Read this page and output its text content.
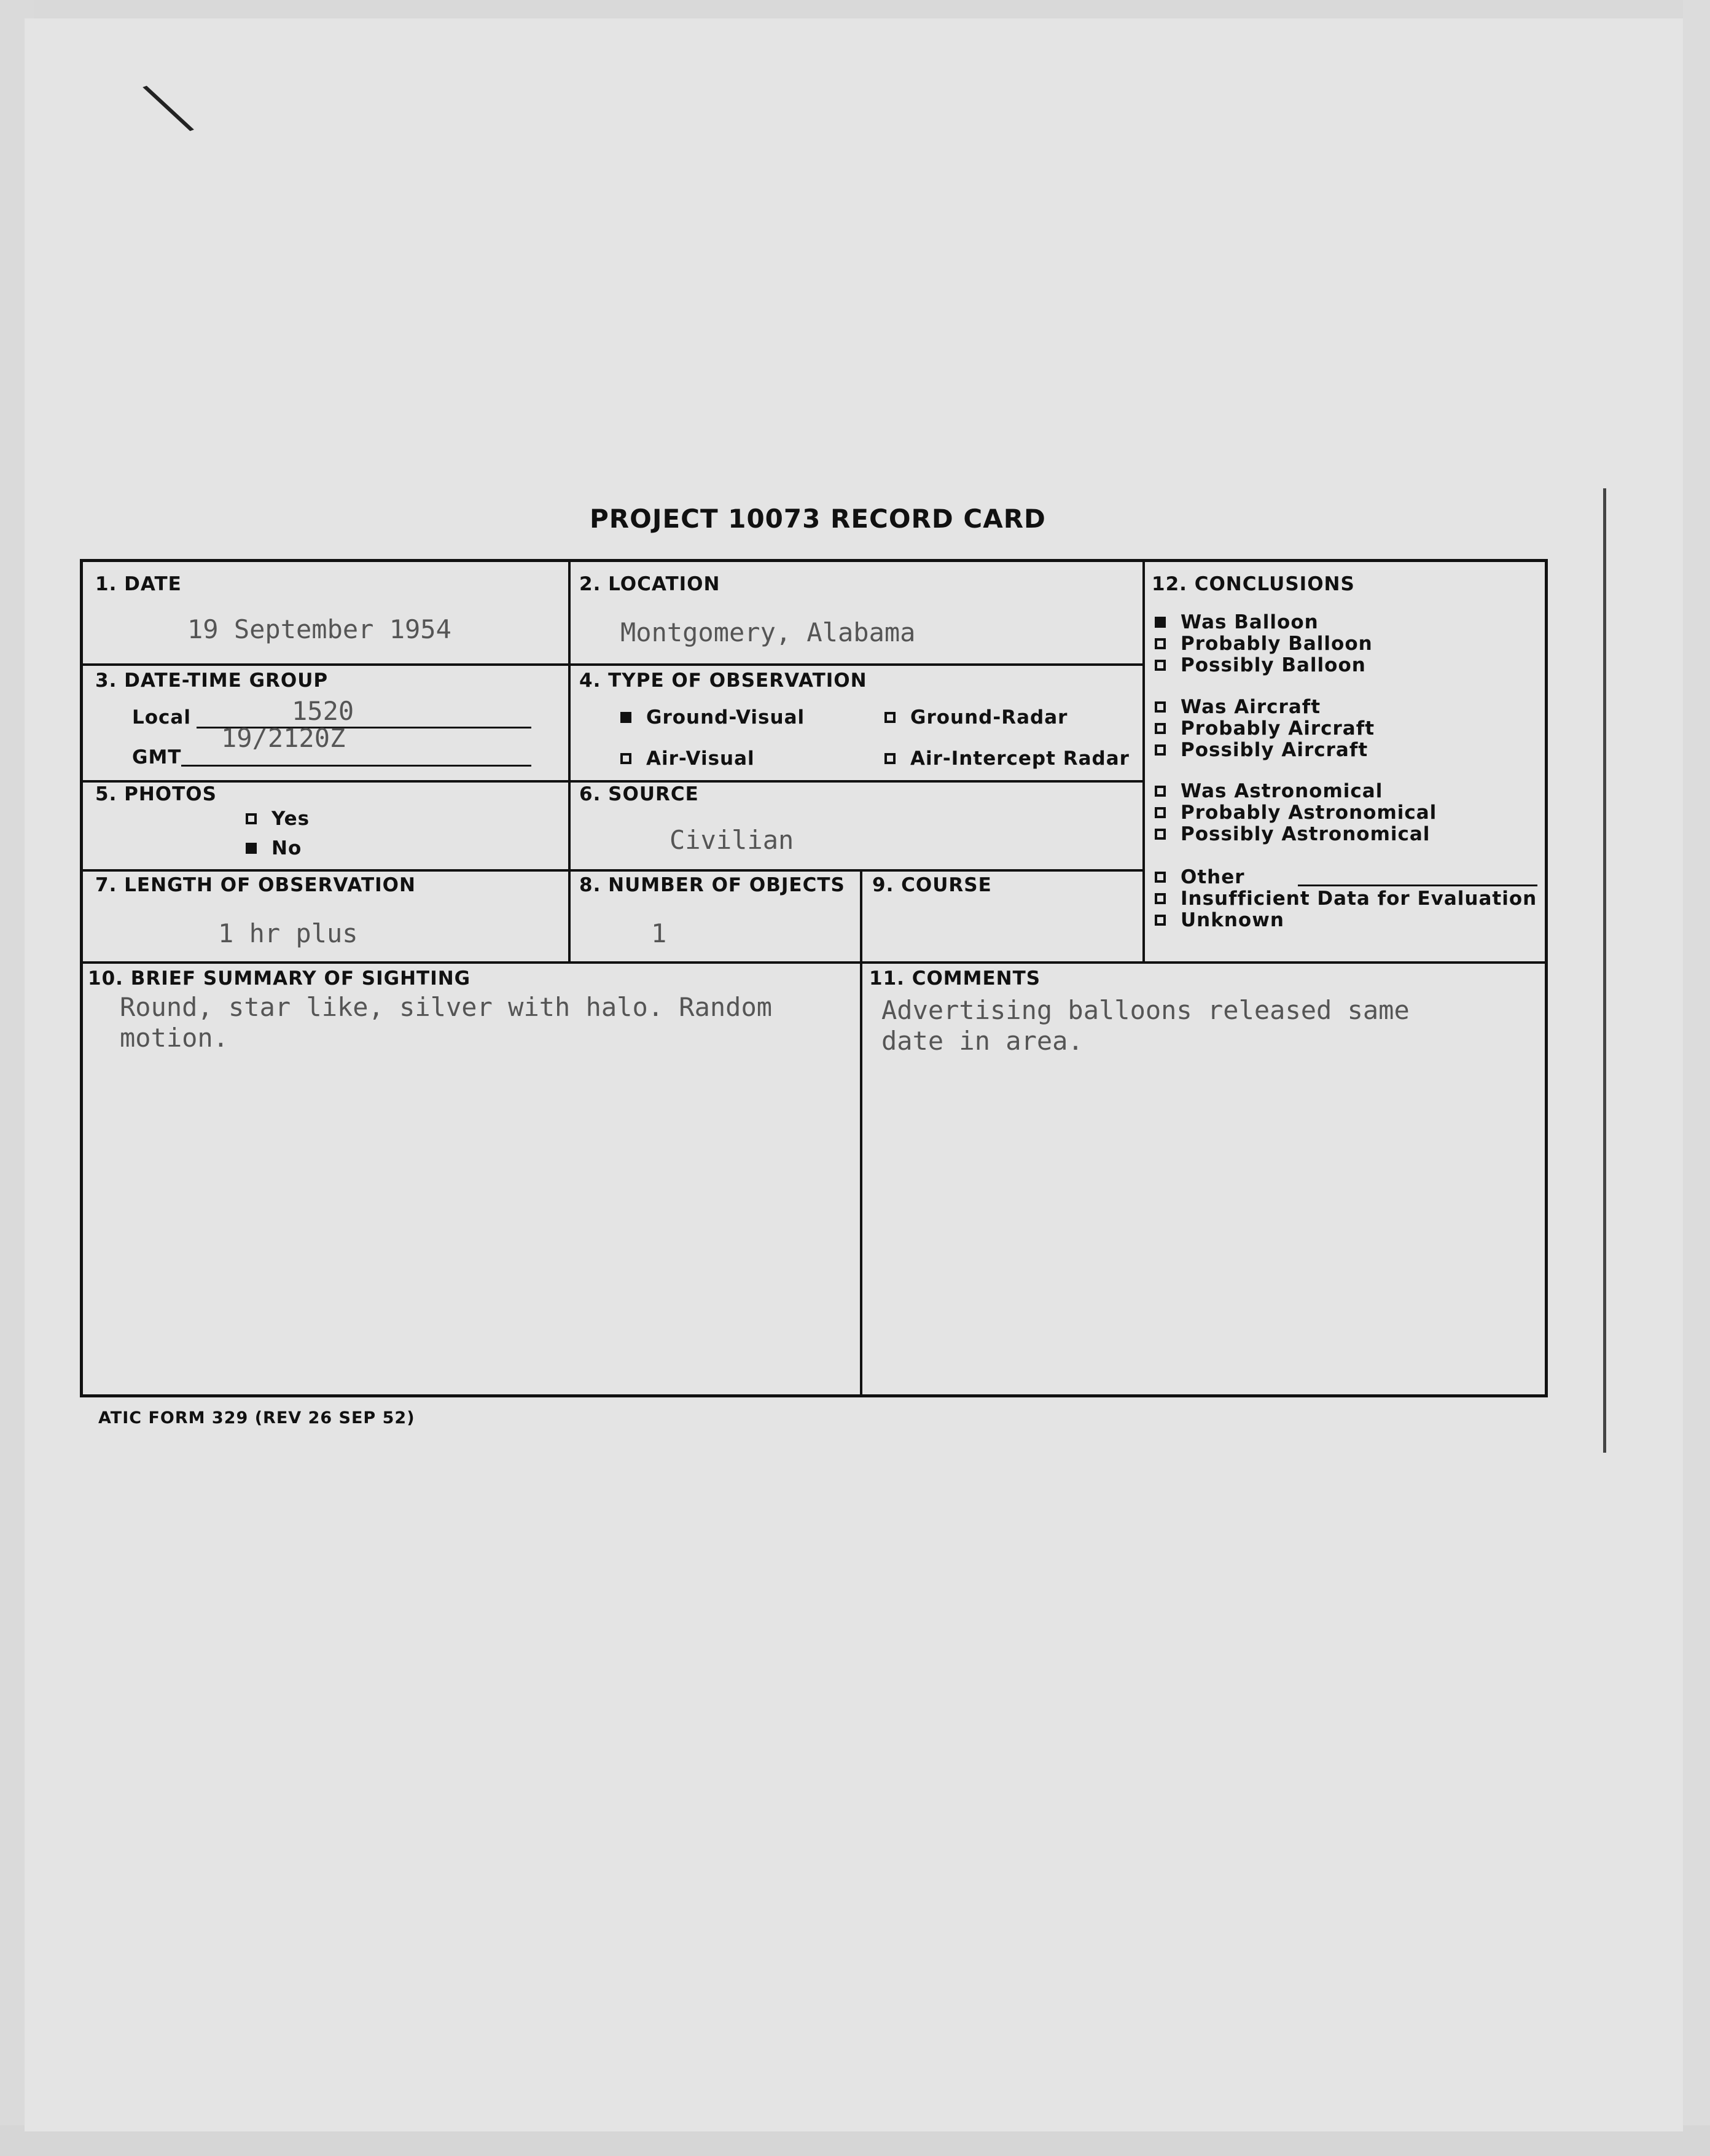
╲
PROJECT 10073 RECORD CARD
1. DATE
19 September 1954
2. LOCATION
Montgomery, Alabama
3. DATE-TIME GROUP
Local	1520
GMT
19/2120Z
4. TYPE OF OBSERVATION
Ground-Visual	Ground-Radar
Air-Visual	Air-Intercept Radar
5. PHOTOS
Yes
No
6. SOURCE
Civilian
7. LENGTH OF OBSERVATION
1 hr plus
8. NUMBER OF OBJECTS
1
9. COURSE
10. BRIEF SUMMARY OF SIGHTING
Round, star like, silver with halo. Random
motion.
11. COMMENTS
Advertising balloons released same
date in area.
12. CONCLUSIONS
Was Balloon
Probably Balloon
Possibly Balloon
Was Aircraft
Probably Aircraft
Possibly Aircraft
Was Astronomical
Probably Astronomical
Possibly Astronomical
Other
Insufficient Data for Evaluation
Unknown
ATIC FORM 329 (REV 26 SEP 52)
